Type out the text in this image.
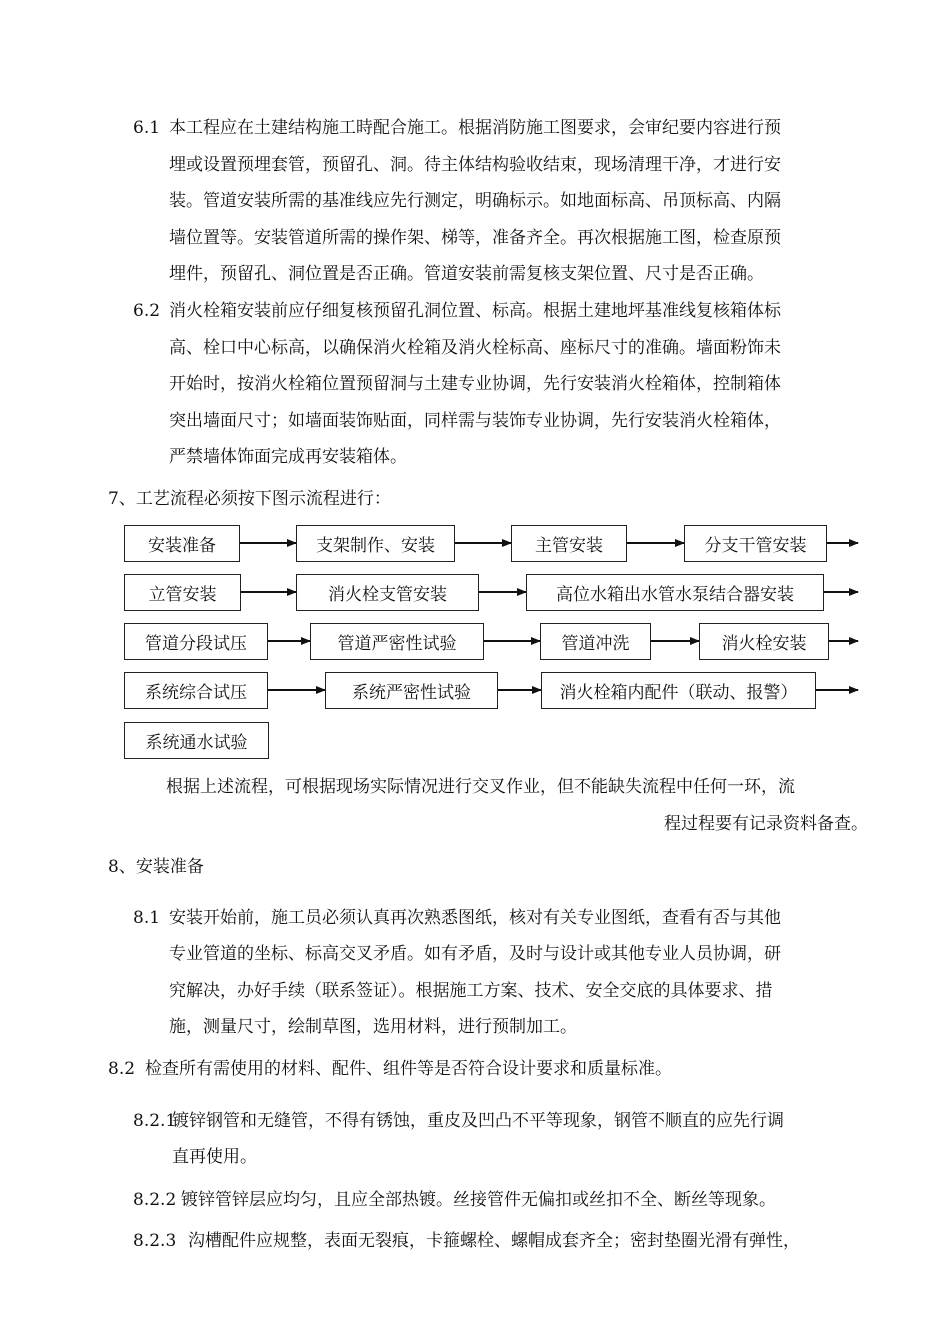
6.1 本工程应在土建结构施工時配合施工。根据消防施工图要求，会审纪要内容进行预
埋或设置预埋套管，预留孔、洞。待主体结构验收结束，现场清理干净，才进行安
装。管道安装所需的基准线应先行测定，明确标示。如地面标高、吊顶标高、内隔
墙位置等。安装管道所需的操作架、梯等，准备齐全。再次根据施工图，检查原预
埋件，预留孔、洞位置是否正确。管道安装前需复核支架位置、尺寸是否正确。
6.2 消火栓箱安装前应仔细复核预留孔洞位置、标高。根据土建地坪基准线复核箱体标
高、栓口中心标高，以确保消火栓箱及消火栓标高、座标尺寸的准确。墙面粉饰未
开始时，按消火栓箱位置预留洞与土建专业协调，先行安装消火栓箱体，控制箱体
突出墙面尺寸；如墙面装饰贴面，同样需与装饰专业协调，先行安装消火栓箱体，
严禁墙体饰面完成再安装箱体。
7、工艺流程必须按下图示流程进行：
安装准备	支架制作、安装	主管安装	分支干管安装
立管安装	消火栓支管安装	高位水箱出水管水泵结合器安装
管道分段试压	管道严密性试验	管道冲洗	消火栓安装
系统综合试压	系统严密性试验	消火栓箱内配件（联动、报警）
系统通水试验
根据上述流程，可根据现场实际情况进行交叉作业，但不能缺失流程中任何一环，流
程过程要有记录资料备查。
8、安装准备
8.1 安装开始前，施工员必须认真再次熟悉图纸，核对有关专业图纸，查看有否与其他
专业管道的坐标、标高交叉矛盾。如有矛盾，及时与设计或其他专业人员协调，研
究解决，办好手续（联系签证）。根据施工方案、技术、安全交底的具体要求、措
施，测量尺寸，绘制草图，选用材料，进行预制加工。
8.2 检查所有需使用的材料、配件、组件等是否符合设计要求和质量标准。
8.2.1
镀锌钢管和无缝管，不得有锈蚀，重皮及凹凸不平等现象，钢管不顺直的应先行调
直再使用。
8.2.2 镀锌管锌层应均匀，且应全部热镀。丝接管件无偏扣或丝扣不全、断丝等现象。
8.2.3 沟槽配件应规整，表面无裂痕，卡箍螺栓、螺帽成套齐全；密封垫圈光滑有弹性，
